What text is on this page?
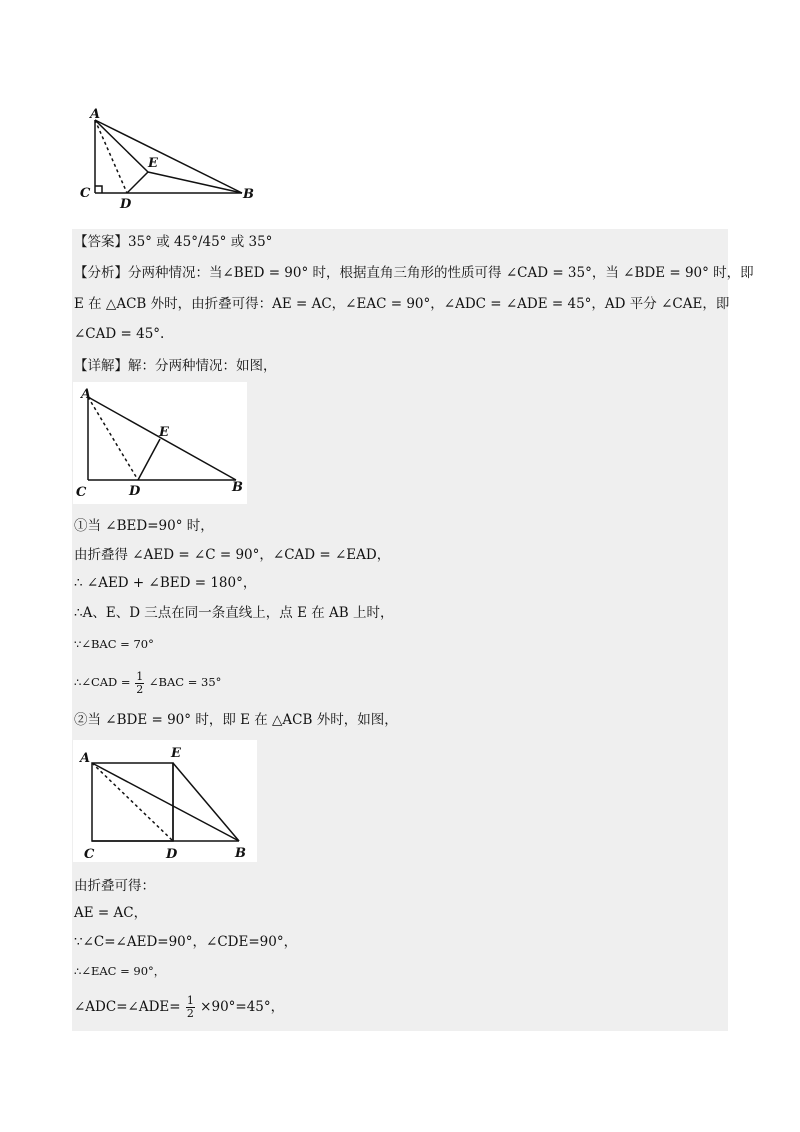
A
C
D
E
B
【答案】35° 或 45°/45° 或 35°
【分析】分两种情况：当∠BED = 90° 时，根据直角三角形的性质可得 ∠CAD = 35°，当 ∠BDE = 90° 时，即
E 在 △ACB 外时，由折叠可得：AE = AC，∠EAC = 90°，∠ADC = ∠ADE = 45°，AD 平分 ∠CAE，即
∠CAD = 45°.
【详解】解：分两种情况：如图，
A
C	D
E
B
①当 ∠BED=90° 时，
由折叠得 ∠AED = ∠C = 90°，∠CAD = ∠EAD，
∴ ∠AED + ∠BED = 180°，
∴A、E、D 三点在同一条直线上，点 E 在 AB 上时，
∵∠BAC = 70°
∴∠CAD = $\frac{1}{2}$ ∠BAC = 35°
②当 ∠BDE = 90° 时，即 E 在 △ACB 外时，如图，
A	E
C	D	B
由折叠可得：
AE = AC，
∵∠C=∠AED=90°，∠CDE=90°，
∴∠EAC = 90°，
∠ADC=∠ADE= $\frac{1}{2} \times 90^\circ=45^\circ$，
